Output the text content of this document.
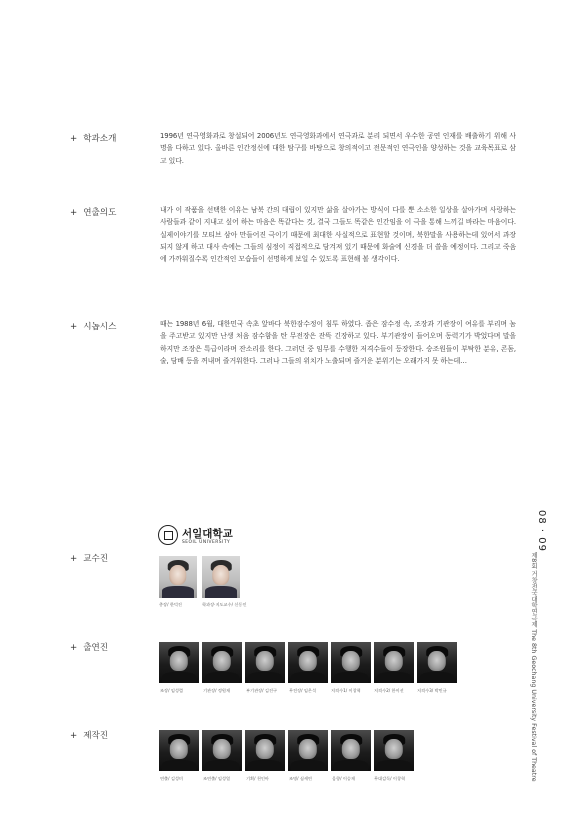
+ 학과소개	1996년 연극영화과로 창설되어 2006년도 연극영화과에서 연극과로 분리 되면서 우수한 공연 인재를 배출하기 위해 사명을 다하고 있다. 올바른 인간정신에 대한 탐구를 바탕으로 창의적이고 전문적인 연극인을 양성하는 것을 교육목표로 삼고 있다.
+ 연출의도	내가 이 작품을 선택한 이유는 남북 간의 대립이 있지만 삶을 살아가는 방식이 다를 뿐 소소한 일상을 살아가며 사랑하는 사람들과 같이 지내고 싶어 하는 마음은 똑같다는 것, 결국 그들도 똑같은 인간임을 이 극을 통해 느끼길 바라는 마음이다. 실제이야기를 모티브 삼아 만들어진 극이기 때문에 최대한 사실적으로 표현할 것이며, 북한말을 사용하는데 있어서 과장되지 않게 하고 대사 속에는 그들의 심정이 직접적으로 담겨져 있기 때문에 화술에 신경을 더 쓸을 예정이다. 그리고 죽음에 가까워질수록 인간적인 모습들이 선명하게 보일 수 있도록 표현해 볼 생각이다.
+ 시놉시스	때는 1988년 6월, 대한민국 속초 앞바다 북한잠수정이 침투 하였다. 좁은 잠수정 속, 조장과 기관장이 여유를 부리며 놈을 주고받고 있지만 난생 처음 잠수함을 탄 무전장은 잔뜩 긴장하고 있다. 부기관장이 들어오며 동력기가 박었다며 말을 하지만 조장은 특급이라며 잔소리를 한다. 그러던 중 임무를 수행한 저격수들이 등장한다. 승조원들이 부탁한 분유, 콘돔, 술, 담배 등을 꺼내며 즐거워한다. 그러나 그들의 위치가 노출되며 즐거운 분위기는 오래가지 못 하는데…
서일대학교
SEOIL UNIVERSITY
+ 교수진
총장/ 한덕진	학과장·지도교수/ 신동인
+ 출연진
조장/ 임성렬	기관장/ 정원재	부기관장/ 김진구	무전장/ 임은석	저격수1/ 이창혁	저격수2/ 한이선	저격수3/ 박민규
+ 제작진
연출/ 김성미	조연출/ 임성열	기획/ 천인아	조명/ 심세연	음향/ 이승재	무대감독/ 이창혁
08 · 09
제8회 거창전국대학연극제 The 8th Geochang University Festival of Theatre
